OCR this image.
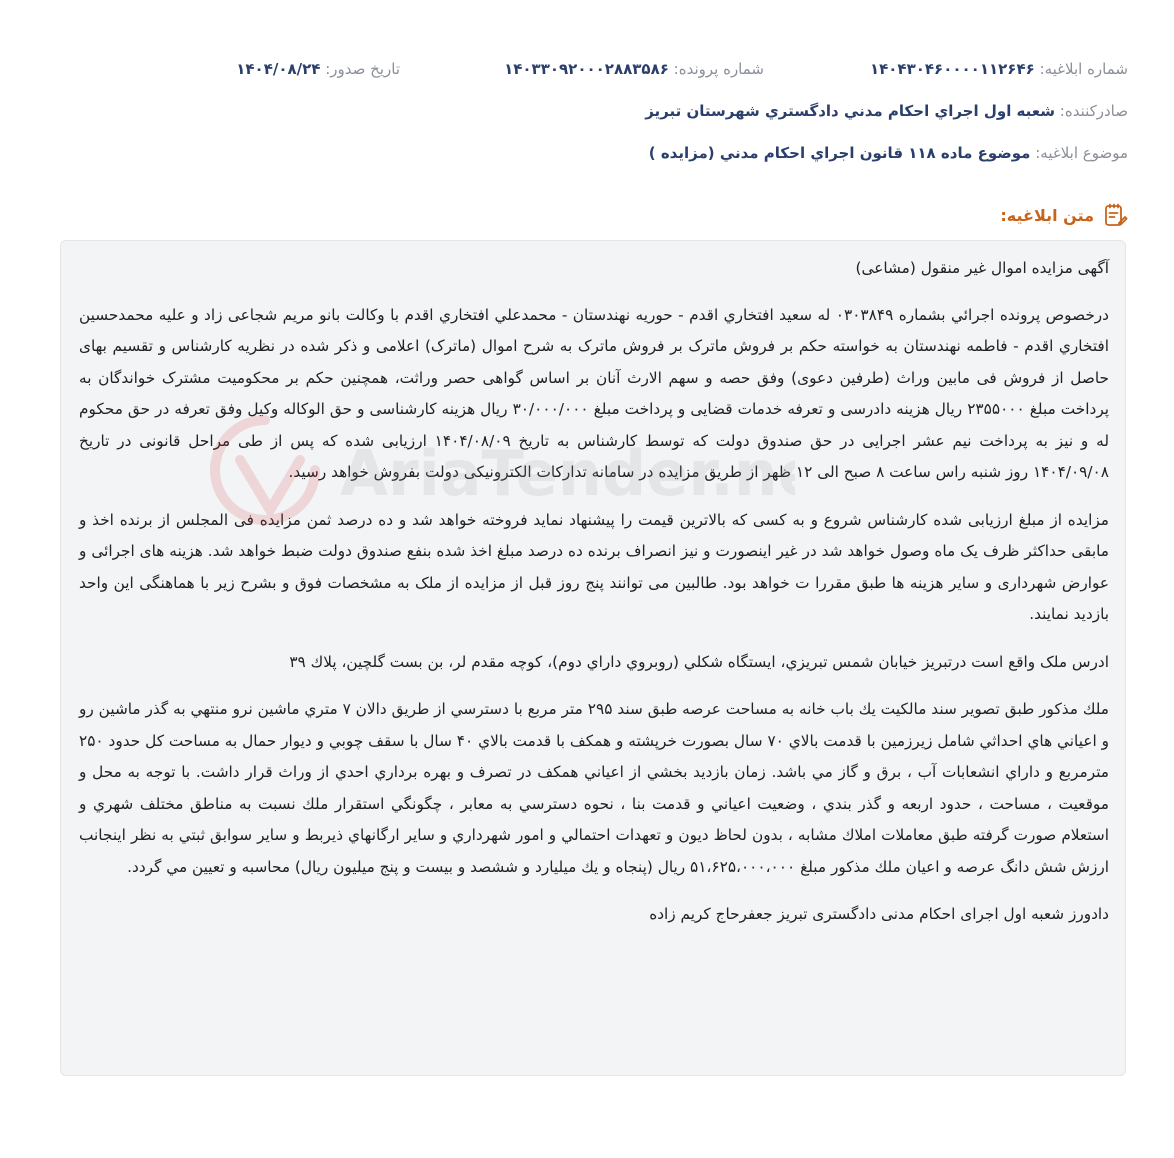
شماره ابلاغیه: ۱۴۰۴۳۰۴۶۰۰۰۰۱۱۲۶۴۶
شماره پرونده: ۱۴۰۳۳۰۹۲۰۰۰۲۸۸۳۵۸۶
تاریخ صدور: ۱۴۰۴/۰۸/۲۴
صادرکننده: شعبه اول اجراي احكام مدني دادگستري شهرستان تبريز
موضوع ابلاغیه: موضوع ماده ۱۱۸ قانون اجراي احكام مدني (مزايده )
متن ابلاغیه:

آگهی مزایده اموال غیر منقول (مشاعی)

درخصوص پرونده اجرائي بشماره ۰۳۰۳۸۴۹ له سعید افتخاري اقدم - حوریه نهندستان - محمدعلي افتخاري اقدم با وكالت بانو مريم شجاعى زاد و علیه محمدحسین افتخاري اقدم - فاطمه نهندستان به خواسته حکم بر فروش ماترک بر فروش ماترک به شرح اموال (ماترک) اعلامی و ذکر شده در نظریه کارشناس و تقسیم بهای حاصل از فروش فی مابین وراث (طرفین دعوی) وفق حصه و سهم الارث آنان بر اساس گواهی حصر وراثت، همچنین حکم بر محکومیت مشترک خواندگان به پرداخت مبلغ ۲۳۵۵۰۰۰ ریال هزینه دادرسی و تعرفه خدمات قضایی و پرداخت مبلغ ۳۰/۰۰۰/۰۰۰ ریال هزینه کارشناسی و حق الوکاله وکیل وفق تعرفه در حق محکوم له و نیز به پرداخت نیم عشر اجرایی در حق صندوق دولت که توسط کارشناس به تاریخ ۱۴۰۴/۰۸/۰۹ ارزیابی شده که پس از طی مراحل قانونی در تاریخ ۱۴۰۴/۰۹/۰۸ روز شنبه راس ساعت ۸ صبح الی ۱۲ ظهر از طریق مزایده در سامانه تدارکات الکترونیکی دولت بفروش خواهد رسید.

مزایده از مبلغ ارزیابی شده کارشناس شروع و به کسی که بالاترین قیمت را پیشنهاد نماید فروخته خواهد شد و ده درصد ثمن مزایده فی المجلس از برنده اخذ و مابقی حداکثر ظرف یک ماه وصول خواهد شد در غیر اینصورت و نیز انصراف برنده ده درصد مبلغ اخذ شده بنفع صندوق دولت ضبط خواهد شد. هزینه های اجرائی و عوارض شهرداری و سایر هزینه ها طبق مقررا ت خواهد بود. طالبین می توانند پنج روز قبل از مزایده از ملک به مشخصات فوق و بشرح زیر با هماهنگی این واحد بازدید نمایند.

ادرس ملک واقع است درتبریز خيابان شمس تبريزي، ايستگاه شكلي (روبروي داراي دوم)، كوچه مقدم لر، بن بست گلچين، پلاك ۳۹

ملك مذكور طبق تصوير سند مالكيت يك باب خانه به مساحت عرصه طبق سند ۲۹۵ متر مربع با دسترسي از طريق دالان ۷ متري ماشين نرو منتهي به گذر ماشين رو و اعياني هاي احداثي شامل زيرزمين با قدمت بالاي ۷۰ سال بصورت خرپشته و همكف با قدمت بالاي ۴۰ سال با سقف چوبي و ديوار حمال به مساحت كل حدود ۲۵۰ مترمربع و داراي انشعابات آب ، برق و گاز مي باشد. زمان بازديد بخشي از اعياني همكف در تصرف و بهره برداري احدي از وراث قرار داشت. با توجه به محل و موقعيت ، مساحت ، حدود اربعه و گذر بندي ، وضعيت اعياني و قدمت بنا ، نحوه دسترسي به معابر ، چگونگي استقرار ملك نسبت به مناطق مختلف شهري و استعلام صورت گرفته طبق معاملات املاك مشابه ، بدون لحاظ ديون و تعهدات احتمالي و امور شهرداري و ساير ارگانهاي ذيربط و ساير سوابق ثبتي به نظر اينجانب ارزش شش دانگ عرصه و اعيان ملك مذكور مبلغ ۵۱،۶۲۵،۰۰۰،۰۰۰ ريال (پنجاه و يك ميليارد و ششصد و بيست و پنج ميليون ريال) محاسبه و تعيين مي گردد.

دادورز شعبه اول اجرای احکام مدنی دادگستری تبریز جعفرحاج کریم زاده
